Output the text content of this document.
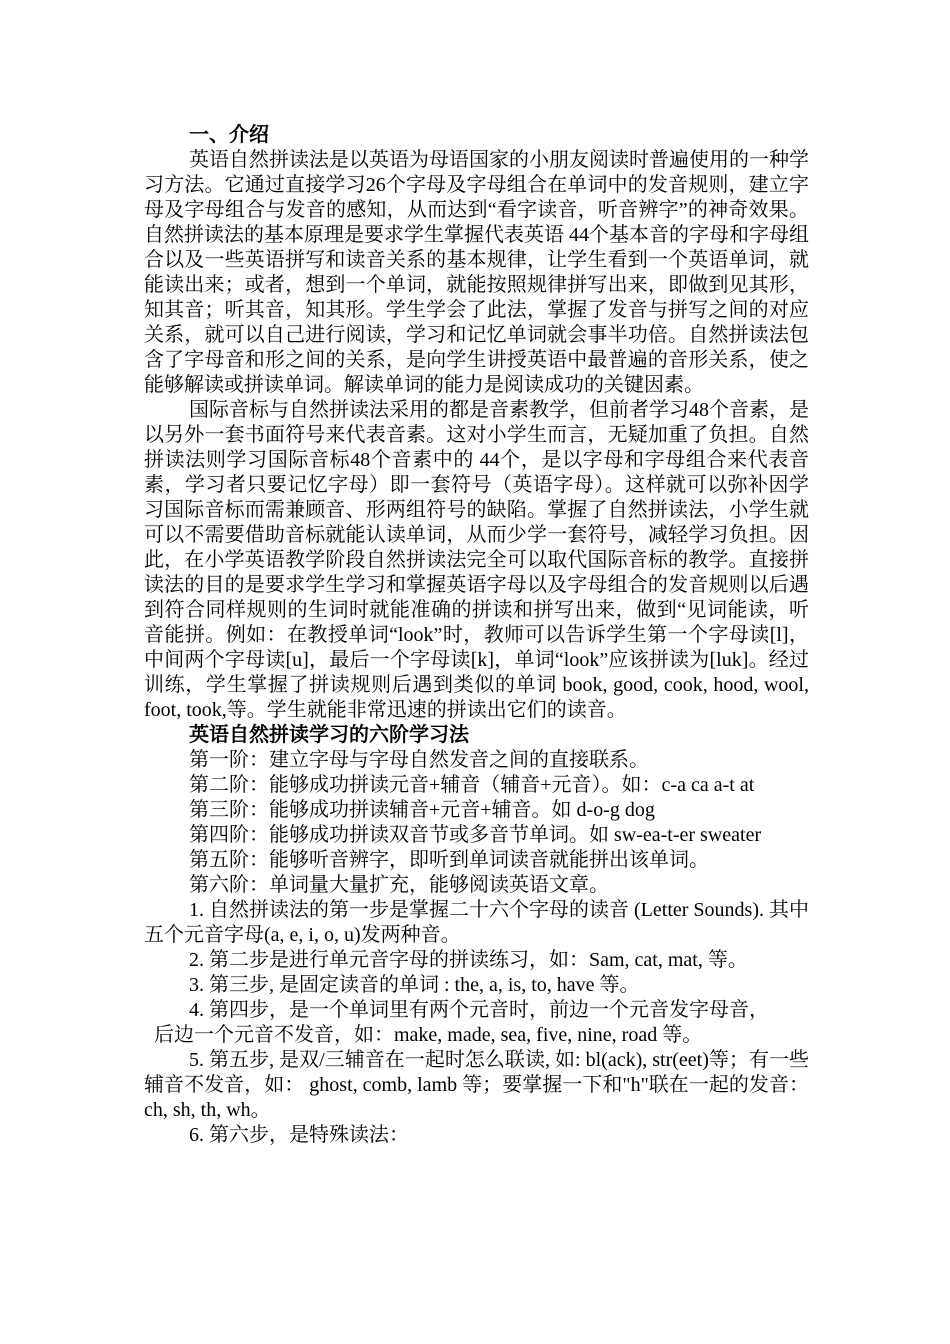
一、介绍

英语自然拼读法是以英语为母语国家的小朋友阅读时普遍使用的一种学习方法。它通过直接学习26个字母及字母组合在单词中的发音规则，建立字母及字母组合与发音的感知，从而达到“看字读音，听音辨字”的神奇效果。自然拼读法的基本原理是要求学生掌握代表英语 44个基本音的字母和字母组合以及一些英语拼写和读音关系的基本规律，让学生看到一个英语单词，就能读出来；或者，想到一个单词，就能按照规律拼写出来，即做到见其形，知其音；听其音，知其形。学生学会了此法，掌握了发音与拼写之间的对应关系，就可以自己进行阅读，学习和记忆单词就会事半功倍。自然拼读法包含了字母音和形之间的关系，是向学生讲授英语中最普遍的音形关系，使之能够解读或拼读单词。解读单词的能力是阅读成功的关键因素。

国际音标与自然拼读法采用的都是音素教学，但前者学习48个音素，是以另外一套书面符号来代表音素。这对小学生而言，无疑加重了负担。自然拼读法则学习国际音标48个音素中的 44个，是以字母和字母组合来代表音素，学习者只要记忆字母）即一套符号（英语字母）。这样就可以弥补因学习国际音标而需兼顾音、形两组符号的缺陷。掌握了自然拼读法，小学生就可以不需要借助音标就能认读单词，从而少学一套符号，减轻学习负担。因此，在小学英语教学阶段自然拼读法完全可以取代国际音标的教学。直接拼读法的目的是要求学生学习和掌握英语字母以及字母组合的发音规则以后遇到符合同样规则的生词时就能准确的拼读和拼写出来，做到“见词能读，听音能拼。例如：在教授单词“look”时，教师可以告诉学生第一个字母读[l]，中间两个字母读[u]，最后一个字母读[k]，单词“look”应该拼读为[luk]。经过训练，学生掌握了拼读规则后遇到类似的单词 book, good, cook, hood, wool, foot, took,等。学生就能非常迅速的拼读出它们的读音。

英语自然拼读学习的六阶学习法

第一阶：建立字母与字母自然发音之间的直接联系。

第二阶：能够成功拼读元音+辅音（辅音+元音）。如：c-a ca a-t at

第三阶：能够成功拼读辅音+元音+辅音。如 d-o-g dog

第四阶：能够成功拼读双音节或多音节单词。如 sw-ea-t-er sweater

第五阶：能够听音辨字，即听到单词读音就能拼出该单词。

第六阶：单词量大量扩充，能够阅读英语文章。

1. 自然拼读法的第一步是掌握二十六个字母的读音 (Letter Sounds). 其中五个元音字母(a, e, i, o, u)发两种音。

2. 第二步是进行单元音字母的拼读练习，如：Sam, cat, mat, 等。

3. 第三步, 是固定读音的单词 : the, a, is, to, have 等。

4. 第四步，是一个单词里有两个元音时，前边一个元音发字母音，

后边一个元音不发音，如：make, made, sea, five, nine, road 等。

5. 第五步, 是双/三辅音在一起时怎么联读, 如: bl(ack), str(eet)等；有一些辅音不发音，如： ghost, comb, lamb 等；要掌握一下和"h"联在一起的发音： ch, sh, th, wh。

6. 第六步，是特殊读法：
